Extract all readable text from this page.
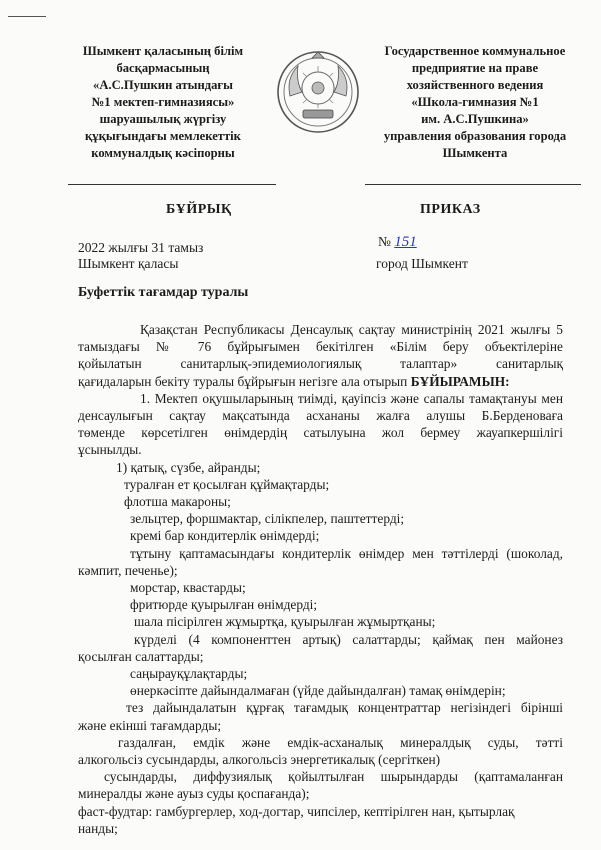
Шымкент қаласының білім
басқармасының
«А.С.Пушкин атындағы
№1 мектеп-гимназиясы»
шаруашылық жүргізу
құқығындағы мемлекеттік
коммуналдық кәсіпорны
Государственное коммунальное
предприятие на праве
хозяйственного ведения
«Школа-гимназия №1
им. А.С.Пушкина»
управления образования города
Шымкента
БҰЙРЫҚ	ПРИКАЗ
2022 жылғы 31 тамыз
Шымкент қаласы
№ 151
город Шымкент
Буфеттік тағамдар туралы
Қазақстан Республикасы Денсаулық сақтау министрінің 2021 жылғы 5
тамыздағы № 76 бұйрығымен бекітілген «Білім беру объектілеріне
қойылатын санитарлық-эпидемиологиялық талаптар» санитарлық
қағидаларын бекіту туралы бұйрығын негізге ала отырып БҰЙЫРАМЫН:
1. Мектеп оқушыларының тиімді, қауіпсіз және сапалы тамақтануы мен
денсаулығын сақтау мақсатында асхананы жалға алушы Б.Берденоваға
төменде көрсетілген өнімдердің сатылуына жол бермеу жауапкершілігі
ұсынылды.
1) қатық, сүзбе, айранды;
туралған ет қосылған құймақтарды;
флотша макароны;
зельцтер, форшмактар, сілікпелер, паштеттерді;
кремі бар кондитерлік өнімдерді;
тұтыну қаптамасындағы кондитерлік өнімдер мен тәттілерді (шоколад,
кәмпит, печенье);
морстар, квастарды;
фритюрде қуырылған өнімдерді;
шала пісірілген жұмыртқа, қуырылған жұмыртқаны;
күрделі (4 компоненттен артық) салаттарды; қаймақ пен майонез
қосылған салаттарды;
саңырауқұлақтарды;
өнеркәсіпте дайындалмаған (үйде дайындалған) тамақ өнімдерін;
тез дайындалатын құрғақ тағамдық концентраттар негізіндегі бірінші
және екінші тағамдарды;
газдалған, емдік және емдік-асханалық минералдық суды, тәтті
алкогольсіз сусындарды, алкогольсіз энергетикалық (сергіткен)
сусындарды, диффузиялық қойылтылған шырындарды (қаптамаланған
минералды және ауыз суды қоспағанда);
фаст-фудтар: гамбургерлер, ход-догтар, чипсілер, кептірілген нан, қытырлақ
нанды;
